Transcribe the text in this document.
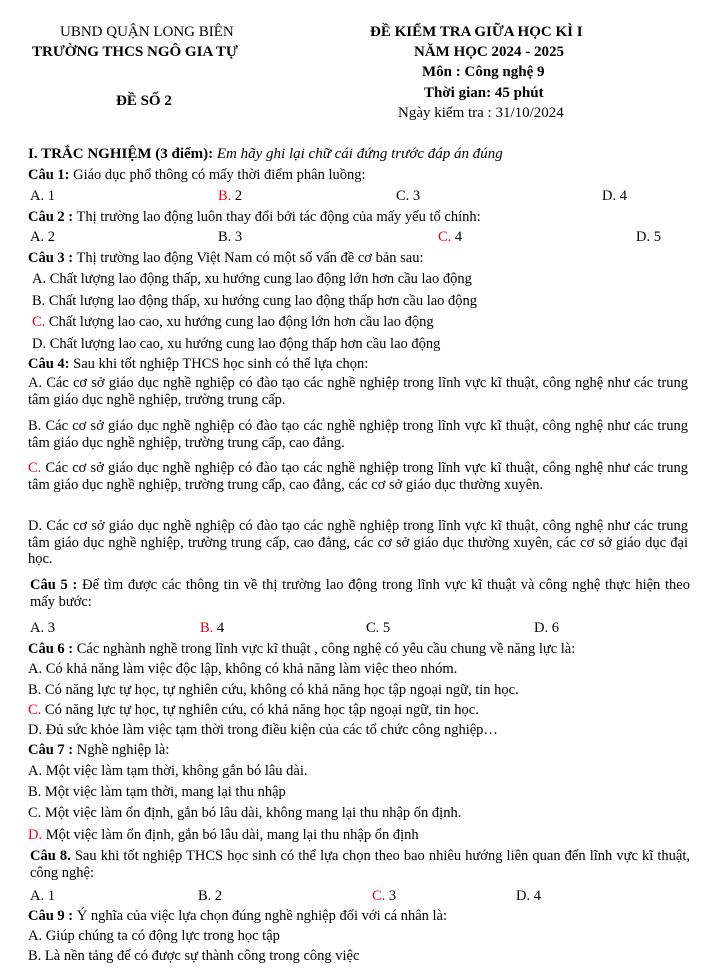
UBND QUẬN LONG BIÊN
TRƯỜNG THCS NGÔ GIA TỰ
ĐỀ SỐ 2
ĐỀ KIỂM TRA GIỮA HỌC KÌ I
NĂM HỌC 2024 - 2025
Môn : Công nghệ 9
Thời gian: 45 phút
Ngày kiểm tra : 31/10/2024
I. TRẮC NGHIỆM (3 điểm): Em hãy ghi lại chữ cái đứng trước đáp án đúng
Câu 1: Giáo dục phổ thông có mấy thời điểm phân luồng:
A. 1	B. 2	C. 3	D. 4
Câu 2 : Thị trường lao động luôn thay đổi bởi tác động của mấy yếu tố chính:
A. 2	B. 3	C. 4	D. 5
Câu 3 : Thị trường lao động Việt Nam có một số vấn đề cơ bản sau:
A. Chất lượng lao động thấp, xu hướng cung lao động lớn hơn cầu lao động
B. Chất lượng lao động thấp, xu hướng cung lao động thấp hơn cầu lao động
C. Chất lượng lao cao, xu hướng cung lao động lớn hơn cầu lao động
D. Chất lượng lao cao, xu hướng cung lao động thấp hơn cầu lao động
Câu 4: Sau khi tốt nghiệp THCS học sinh có thể lựa chọn:
A. Các cơ sở giáo dục nghề nghiệp có đào tạo các nghề nghiệp trong lĩnh vực kĩ thuật, công nghệ như các trung tâm giáo dục nghề nghiệp, trường trung cấp.
B. Các cơ sở giáo dục nghề nghiệp có đào tạo các nghề nghiệp trong lĩnh vực kĩ thuật, công nghệ như các trung tâm giáo dục nghề nghiệp, trường trung cấp, cao đẳng.
C. Các cơ sở giáo dục nghề nghiệp có đào tạo các nghề nghiệp trong lĩnh vực kĩ thuật, công nghệ như các trung tâm giáo dục nghề nghiệp, trường trung cấp, cao đẳng, các cơ sở giáo dục thường xuyên.
D. Các cơ sở giáo dục nghề nghiệp có đào tạo các nghề nghiệp trong lĩnh vực kĩ thuật, công nghệ như các trung tâm giáo dục nghề nghiệp, trường trung cấp, cao đẳng, các cơ sở giáo dục thường xuyên, các cơ sở giáo dục đại học.
Câu 5 : Để tìm được các thông tin về thị trường lao động trong lĩnh vực kĩ thuật và công nghệ thực hiện theo mấy bước:
A. 3	B. 4	C. 5	D. 6
Câu 6 : Các nghành nghề trong lĩnh vực kĩ thuật , công nghệ có yêu cầu chung về năng lực là:
A. Có khả năng làm việc độc lập, không có khả năng làm việc theo nhóm.
B. Có năng lực tự học, tự nghiên cứu, không có khả năng học tập ngoại ngữ, tin học.
C. Có năng lực tự học, tự nghiên cứu, có khả năng học tập ngoại ngữ, tin học.
D. Đủ sức khỏe làm việc tạm thời trong điều kiện của các tổ chức công nghiệp…
Câu 7 : Nghề nghiệp là:
A. Một việc làm tạm thời, không gắn bó lâu dài.
B. Một việc làm tạm thời, mang lại thu nhập
C. Một việc làm ổn định, gắn bó lâu dài, không mang lại thu nhập ổn định.
D. Một việc làm ổn định, gắn bó lâu dài, mang lại thu nhập ổn định
Câu 8. Sau khi tốt nghiệp THCS học sinh có thể lựa chọn theo bao nhiêu hướng liên quan đến lĩnh vực kĩ thuật, công nghệ:
A. 1	B. 2	C. 3	D. 4
Câu 9 : Ý nghĩa của việc lựa chọn đúng nghề nghiệp đối với cá nhân là:
A. Giúp chúng ta có động lực trong học tập
B. Là nền tảng để có được sự thành công trong công việc
